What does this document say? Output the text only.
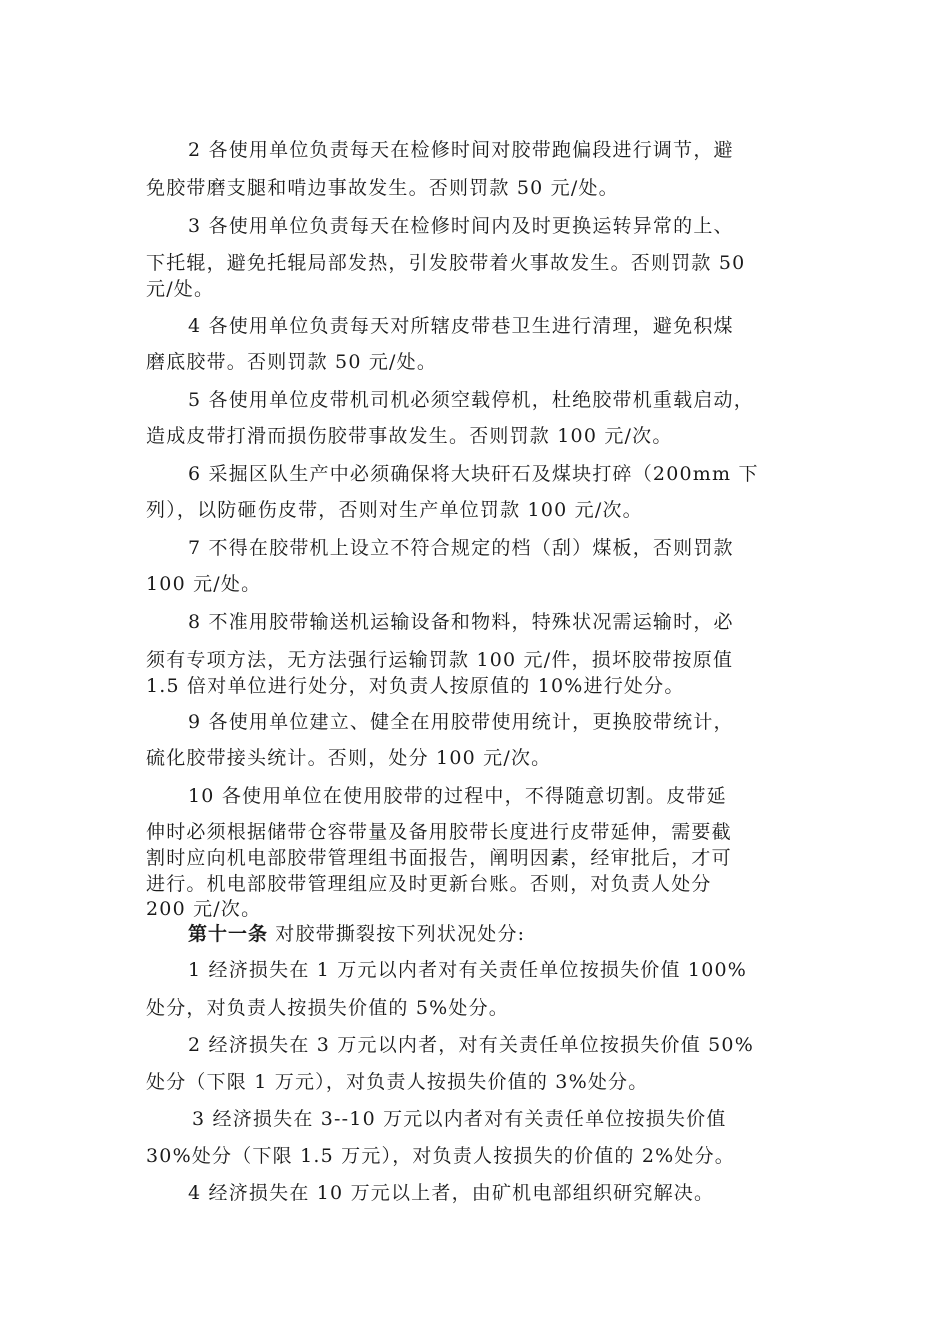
2 各使用单位负责每天在检修时间对胶带跑偏段进行调节，避
免胶带磨支腿和啃边事故发生。否则罚款 50 元/处。
3 各使用单位负责每天在检修时间内及时更换运转异常的上、
下托辊，避免托辊局部发热，引发胶带着火事故发生。否则罚款 50
元/处。
4 各使用单位负责每天对所辖皮带巷卫生进行清理，避免积煤
磨底胶带。否则罚款 50 元/处。
5 各使用单位皮带机司机必须空载停机，杜绝胶带机重载启动，
造成皮带打滑而损伤胶带事故发生。否则罚款 100 元/次。
6 采掘区队生产中必须确保将大块矸石及煤块打碎（200mm 下
列），以防砸伤皮带，否则对生产单位罚款 100 元/次。
7 不得在胶带机上设立不符合规定的档（刮）煤板，否则罚款
100 元/处。
8 不准用胶带输送机运输设备和物料，特殊状况需运输时，必
须有专项方法，无方法强行运输罚款 100 元/件，损坏胶带按原值
1.5 倍对单位进行处分，对负责人按原值的 10%进行处分。
9 各使用单位建立、健全在用胶带使用统计，更换胶带统计，
硫化胶带接头统计。否则，处分 100 元/次。
10 各使用单位在使用胶带的过程中，不得随意切割。皮带延
伸时必须根据储带仓容带量及备用胶带长度进行皮带延伸，需要截
割时应向机电部胶带管理组书面报告，阐明因素，经审批后，才可
进行。机电部胶带管理组应及时更新台账。否则，对负责人处分
200 元/次。
第十一条 对胶带撕裂按下列状况处分:
1 经济损失在 1 万元以内者对有关责任单位按损失价值 100%
处分，对负责人按损失价值的 5%处分。
2 经济损失在 3 万元以内者，对有关责任单位按损失价值 50%
处分（下限 1 万元），对负责人按损失价值的 3%处分。
3 经济损失在 3--10 万元以内者对有关责任单位按损失价值
30%处分（下限 1.5 万元），对负责人按损失的价值的 2%处分。
4 经济损失在 10 万元以上者，由矿机电部组织研究解决。
